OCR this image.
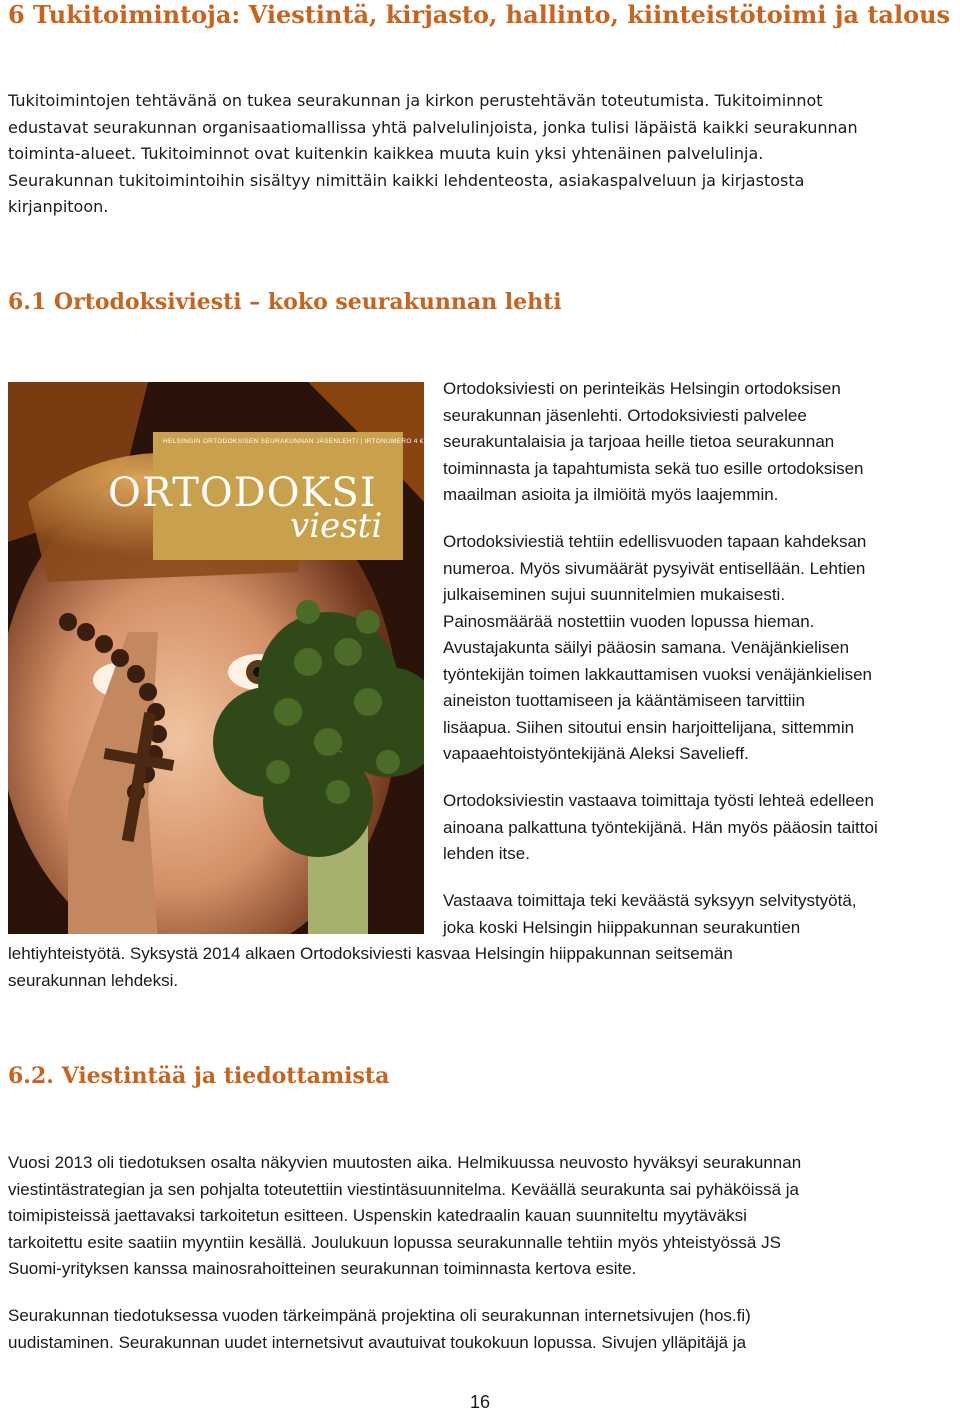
6 Tukitoimintoja: Viestintä, kirjasto, hallinto, kiinteistötoimi ja talous
Tukitoimintojen tehtävänä on tukea seurakunnan ja kirkon perustehtävän toteutumista. Tukitoiminnot
edustavat seurakunnan organisaatiomallissa yhtä palvelulinjoista, jonka tulisi läpäistä kaikki seurakunnan
toiminta-alueet. Tukitoiminnot ovat kuitenkin kaikkea muuta kuin yksi yhtenäinen palvelulinja.
Seurakunnan tukitoimintoihin sisältyy nimittäin kaikki lehdenteosta, asiakaspalveluun ja kirjastosta
kirjanpitoon.
6.1 Ortodoksiviesti – koko seurakunnan lehti
HELSINGIN ORTODOKSISEN SEURAKUNNAN JÄSENLEHTI | IRTONUMERO 4 €
ORTODOKSI
viesti
Ortodoksiviesti on perinteikäs Helsingin ortodoksisen
seurakunnan jäsenlehti. Ortodoksiviesti palvelee
seurakuntalaisia ja tarjoaa heille tietoa seurakunnan
toiminnasta ja tapahtumista sekä tuo esille ortodoksisen
maailman asioita ja ilmiöitä myös laajemmin.
Ortodoksiviestiä tehtiin edellisvuoden tapaan kahdeksan
numeroa. Myös sivumäärät pysyivät entisellään. Lehtien
julkaiseminen sujui suunnitelmien mukaisesti.
Painosmäärää nostettiin vuoden lopussa hieman.
Avustajakunta säilyi pääosin samana. Venäjänkielisen
työntekijän toimen lakkauttamisen vuoksi venäjänkielisen
aineiston tuottamiseen ja kääntämiseen tarvittiin
lisäapua. Siihen sitoutui ensin harjoittelijana, sittemmin
vapaaehtoistyöntekijänä Aleksi Savelieff.
Ortodoksiviestin vastaava toimittaja työsti lehteä edelleen
ainoana palkattuna työntekijänä. Hän myös pääosin taittoi
lehden itse.
Vastaava toimittaja teki keväästä syksyyn selvitystyötä,
joka koski Helsingin hiippakunnan seurakuntien
lehtiyhteistyötä. Syksystä 2014 alkaen Ortodoksiviesti kasvaa Helsingin hiippakunnan seitsemän
seurakunnan lehdeksi.
6.2. Viestintää ja tiedottamista
Vuosi 2013 oli tiedotuksen osalta näkyvien muutosten aika. Helmikuussa neuvosto hyväksyi seurakunnan
viestintästrategian ja sen pohjalta toteutettiin viestintäsuunnitelma. Keväällä seurakunta sai pyhäköissä ja
toimipisteissä jaettavaksi tarkoitetun esitteen. Uspenskin katedraalin kauan suunniteltu myytäväksi
tarkoitettu esite saatiin myyntiin kesällä. Joulukuun lopussa seurakunnalle tehtiin myös yhteistyössä JS
Suomi-yrityksen kanssa mainosrahoitteinen seurakunnan toiminnasta kertova esite.
Seurakunnan tiedotuksessa vuoden tärkeimpänä projektina oli seurakunnan internetsivujen (hos.fi)
uudistaminen. Seurakunnan uudet internetsivut avautuivat toukokuun lopussa. Sivujen ylläpitäjä ja
16
